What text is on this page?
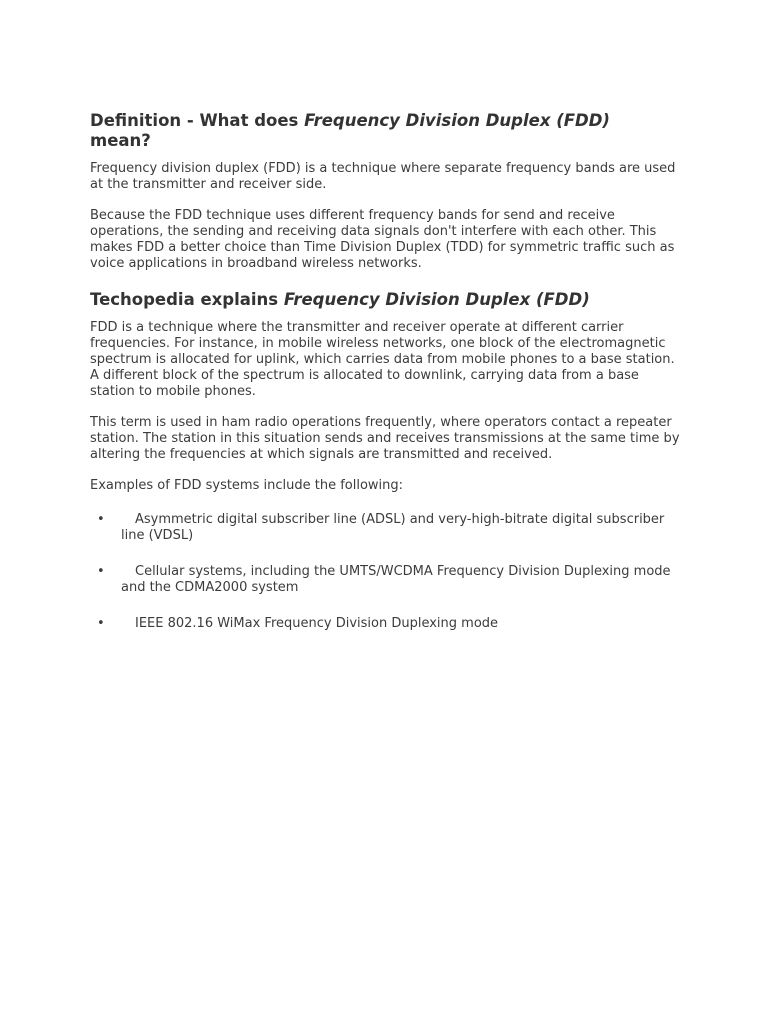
Definition - What does Frequency Division Duplex (FDD)
mean?

Frequency division duplex (FDD) is a technique where separate frequency bands are used at the transmitter and receiver side.

Because the FDD technique uses different frequency bands for send and receive operations, the sending and receiving data signals don't interfere with each other. This makes FDD a better choice than Time Division Duplex (TDD) for symmetric traffic such as voice applications in broadband wireless networks.

Techopedia explains Frequency Division Duplex (FDD)

FDD is a technique where the transmitter and receiver operate at different carrier frequencies. For instance, in mobile wireless networks, one block of the electromagnetic spectrum is allocated for uplink, which carries data from mobile phones to a base station. A different block of the spectrum is allocated to downlink, carrying data from a base station to mobile phones.

This term is used in ham radio operations frequently, where operators contact a repeater station. The station in this situation sends and receives transmissions at the same time by altering the frequencies at which signals are transmitted and received.

Examples of FDD systems include the following:

•	Asymmetric digital subscriber line (ADSL) and very-high-bitrate digital subscriber line (VDSL)
•	Cellular systems, including the UMTS/WCDMA Frequency Division Duplexing mode and the CDMA2000 system
•	IEEE 802.16 WiMax Frequency Division Duplexing mode
